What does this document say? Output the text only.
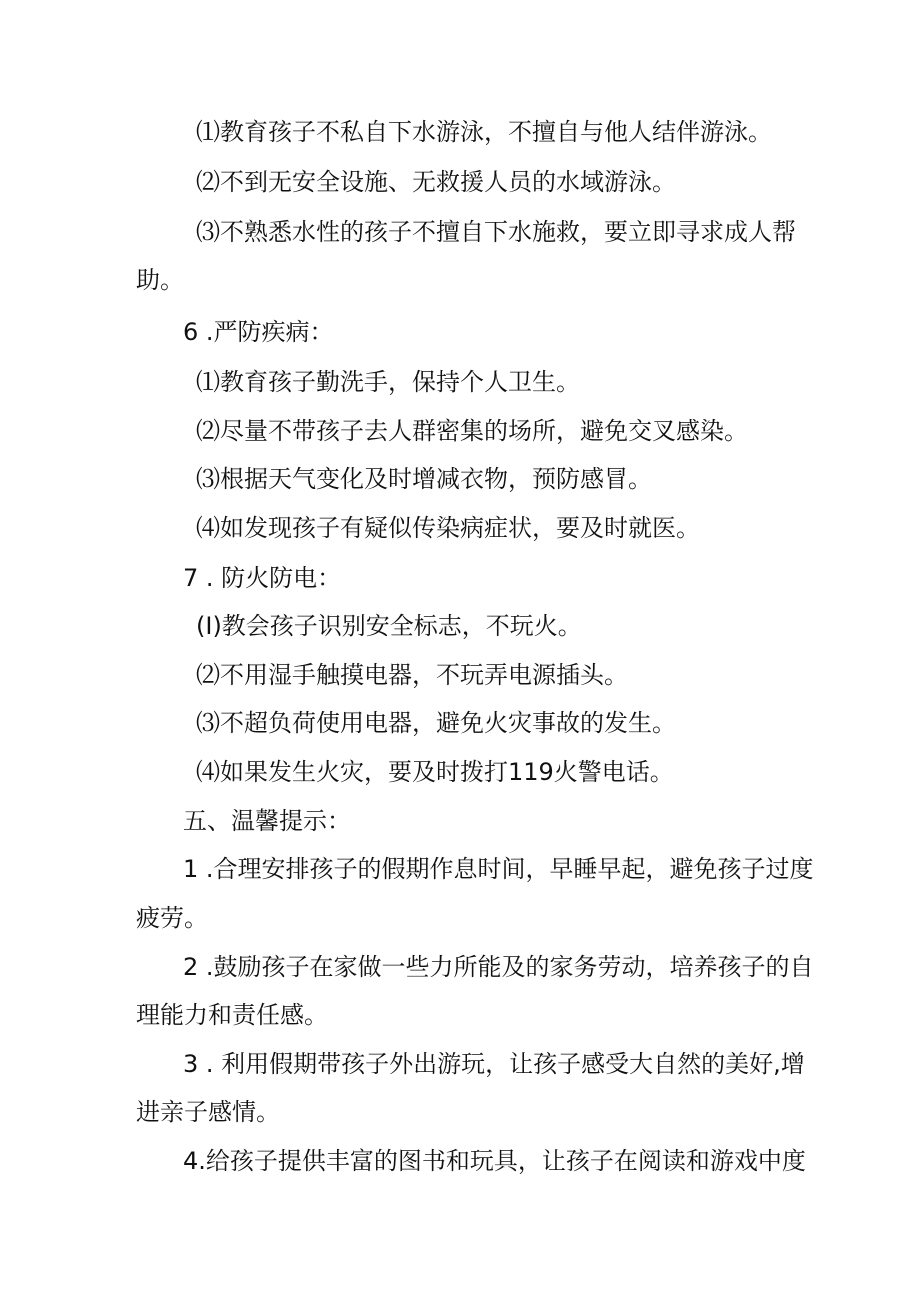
⑴教育孩子不私自下水游泳，不擅自与他人结伴游泳。
⑵不到无安全设施、无救援人员的水域游泳。
⑶不熟悉水性的孩子不擅自下水施救，要立即寻求成人帮
助。
6 .严防疾病：
⑴教育孩子勤洗手，保持个人卫生。
⑵尽量不带孩子去人群密集的场所，避免交叉感染。
⑶根据天气变化及时增减衣物，预防感冒。
⑷如发现孩子有疑似传染病症状，要及时就医。
7 . 防火防电：
(I)教会孩子识别安全标志，不玩火。
⑵不用湿手触摸电器，不玩弄电源插头。
⑶不超负荷使用电器，避免火灾事故的发生。
⑷如果发生火灾，要及时拨打119火警电话。
五、温馨提示：
1 .合理安排孩子的假期作息时间，早睡早起，避免孩子过度
疲劳。
2 .鼓励孩子在家做一些力所能及的家务劳动，培养孩子的自
理能力和责任感。
3 . 利用假期带孩子外出游玩，让孩子感受大自然的美好,增
进亲子感情。
4.给孩子提供丰富的图书和玩具，让孩子在阅读和游戏中度
